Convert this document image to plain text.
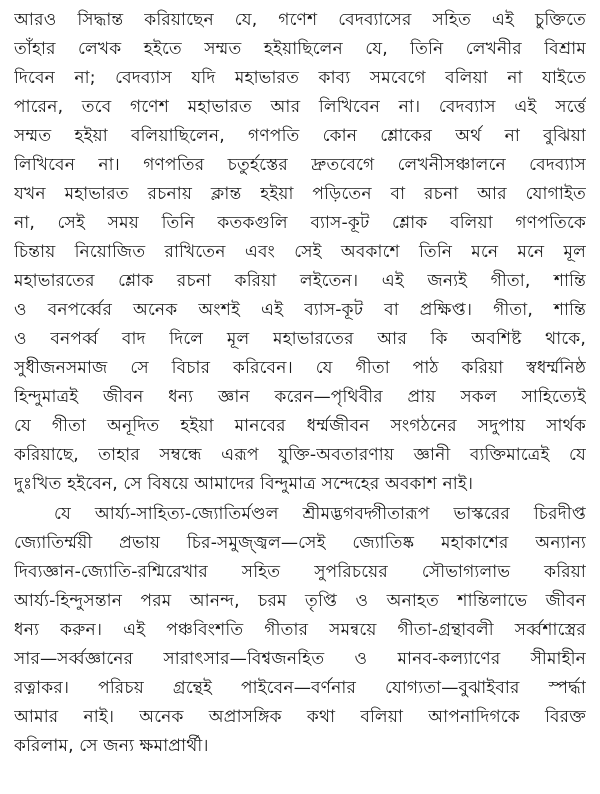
আরও সিদ্ধান্ত করিয়াছেন যে, গণেশ বেদব্যাসের সহিত এই চুক্তিতে
তাঁহার লেখক হইতে সম্মত হইয়াছিলেন যে, তিনি লেখনীর বিশ্রাম
দিবেন না; বেদব্যাস যদি মহাভারত কাব্য সমবেগে বলিয়া না যাইতে
পারেন, তবে গণেশ মহাভারত আর লিখিবেন না। বেদব্যাস এই সর্ত্তে
সম্মত হইয়া বলিয়াছিলেন, গণপতি কোন শ্লোকের অর্থ না বুঝিয়া
লিখিবেন না। গণপতির চতুর্হস্তের দ্রুতবেগে লেখনীসঞ্চালনে বেদব্যাস
যখন মহাভারত রচনায় ক্লান্ত হইয়া পড়িতেন বা রচনা আর যোগাইত
না, সেই সময় তিনি কতকগুলি ব্যাস-কূট শ্লোক বলিয়া গণপতিকে
চিন্তায় নিয়োজিত রাখিতেন এবং সেই অবকাশে তিনি মনে মনে মূল
মহাভারতের শ্লোক রচনা করিয়া লইতেন। এই জন্যই গীতা, শান্তি
ও বনপর্ব্বের অনেক অংশই এই ব্যাস-কূট বা প্রক্ষিপ্ত। গীতা, শান্তি
ও বনপর্ব্ব বাদ দিলে মূল মহাভারতের আর কি অবশিষ্ট থাকে,
সুধীজনসমাজ সে বিচার করিবেন। যে গীতা পাঠ করিয়া স্বধর্ম্মনিষ্ঠ
হিন্দুমাত্রই জীবন ধন্য জ্ঞান করেন—পৃথিবীর প্রায় সকল সাহিত্যেই
যে গীতা অনূদিত হইয়া মানবের ধর্ম্মজীবন সংগঠনের সদুপায় সার্থক
করিয়াছে, তাহার সম্বন্ধে এরূপ যুক্তি-অবতারণায় জ্ঞানী ব্যক্তিমাত্রেই যে
দুঃখিত হইবেন, সে বিষয়ে আমাদের বিন্দুমাত্র সন্দেহের অবকাশ নাই।
যে আর্য্য-সাহিত্য-জ্যোতির্মণ্ডল শ্রীমদ্ভগবদ্গীতারূপ ভাস্করের চিরদীপ্ত
জ্যোতির্ম্ময়ী প্রভায় চির-সমুজ্জ্বল—সেই জ্যোতিষ্ক মহাকাশের অন্যান্য
দিব্যজ্ঞান-জ্যোতি-রশ্মিরেখার সহিত সুপরিচয়ের সৌভাগ্যলাভ করিয়া
আর্য্য-হিন্দুসন্তান পরম আনন্দ, চরম তৃপ্তি ও অনাহত শান্তিলাভে জীবন
ধন্য করুন। এই পঞ্চবিংশতি গীতার সমন্বয়ে গীতা-গ্রন্থাবলী সর্ব্বশাস্ত্রের
সার—সর্ব্বজ্ঞানের সারাৎসার—বিশ্বজনহিত ও মানব-কল্যাণের সীমাহীন
রত্নাকর। পরিচয় গ্রন্থেই পাইবেন—বর্ণনার যোগ্যতা—বুঝাইবার স্পর্দ্ধা
আমার নাই। অনেক অপ্রাসঙ্গিক কথা বলিয়া আপনাদিগকে বিরক্ত
করিলাম, সে জন্য ক্ষমাপ্রার্থী।
